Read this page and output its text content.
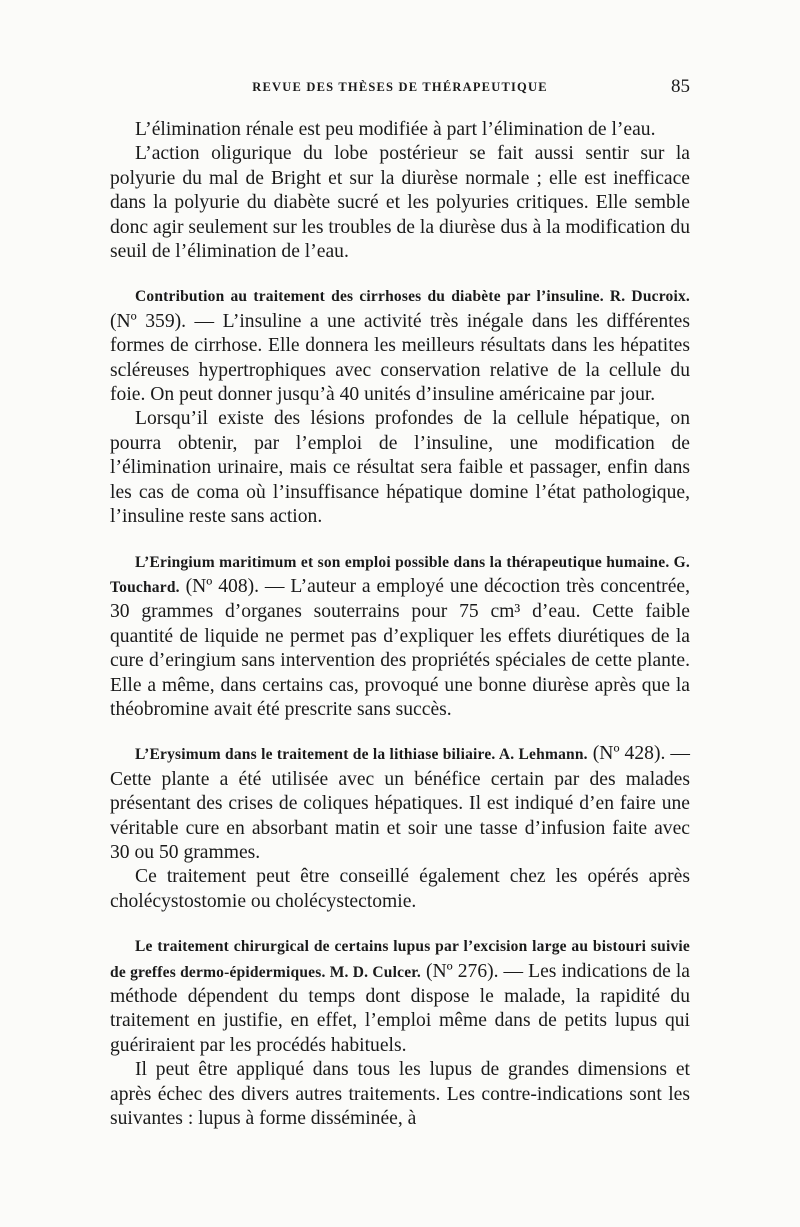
REVUE DES THÈSES DE THÉRAPEUTIQUE	85

L’élimination rénale est peu modifiée à part l’élimination de l’eau.

L’action oligurique du lobe postérieur se fait aussi sentir sur la polyurie du mal de Bright et sur la diurèse normale ; elle est inefficace dans la polyurie du diabète sucré et les polyuries critiques. Elle semble donc agir seulement sur les troubles de la diurèse dus à la modification du seuil de l’élimination de l’eau.

Contribution au traitement des cirrhoses du diabète par l’insuline. R. Ducroix. (Nº 359). — L’insuline a une activité très inégale dans les différentes formes de cirrhose. Elle donnera les meilleurs résultats dans les hépatites scléreuses hypertrophiques avec conservation relative de la cellule du foie. On peut donner jusqu’à 40 unités d’insuline américaine par jour.

Lorsqu’il existe des lésions profondes de la cellule hépatique, on pourra obtenir, par l’emploi de l’insuline, une modification de l’élimination urinaire, mais ce résultat sera faible et passager, enfin dans les cas de coma où l’insuffisance hépatique domine l’état pathologique, l’insuline reste sans action.

L’Eringium maritimum et son emploi possible dans la thérapeutique humaine. G. Touchard. (Nº 408). — L’auteur a employé une décoction très concentrée, 30 grammes d’organes souterrains pour 75 cm³ d’eau. Cette faible quantité de liquide ne permet pas d’expliquer les effets diurétiques de la cure d’eringium sans intervention des propriétés spéciales de cette plante. Elle a même, dans certains cas, provoqué une bonne diurèse après que la théobromine avait été prescrite sans succès.

L’Erysimum dans le traitement de la lithiase biliaire. A. Lehmann. (Nº 428). — Cette plante a été utilisée avec un bénéfice certain par des malades présentant des crises de coliques hépatiques. Il est indiqué d’en faire une véritable cure en absorbant matin et soir une tasse d’infusion faite avec 30 ou 50 grammes.

Ce traitement peut être conseillé également chez les opérés après cholécystostomie ou cholécystectomie.

Le traitement chirurgical de certains lupus par l’excision large au bistouri suivie de greffes dermo-épidermiques. M. D. Culcer. (Nº 276). — Les indications de la méthode dépendent du temps dont dispose le malade, la rapidité du traitement en justifie, en effet, l’emploi même dans de petits lupus qui guériraient par les procédés habituels.

Il peut être appliqué dans tous les lupus de grandes dimensions et après échec des divers autres traitements. Les contre-indications sont les suivantes : lupus à forme disséminée, à
